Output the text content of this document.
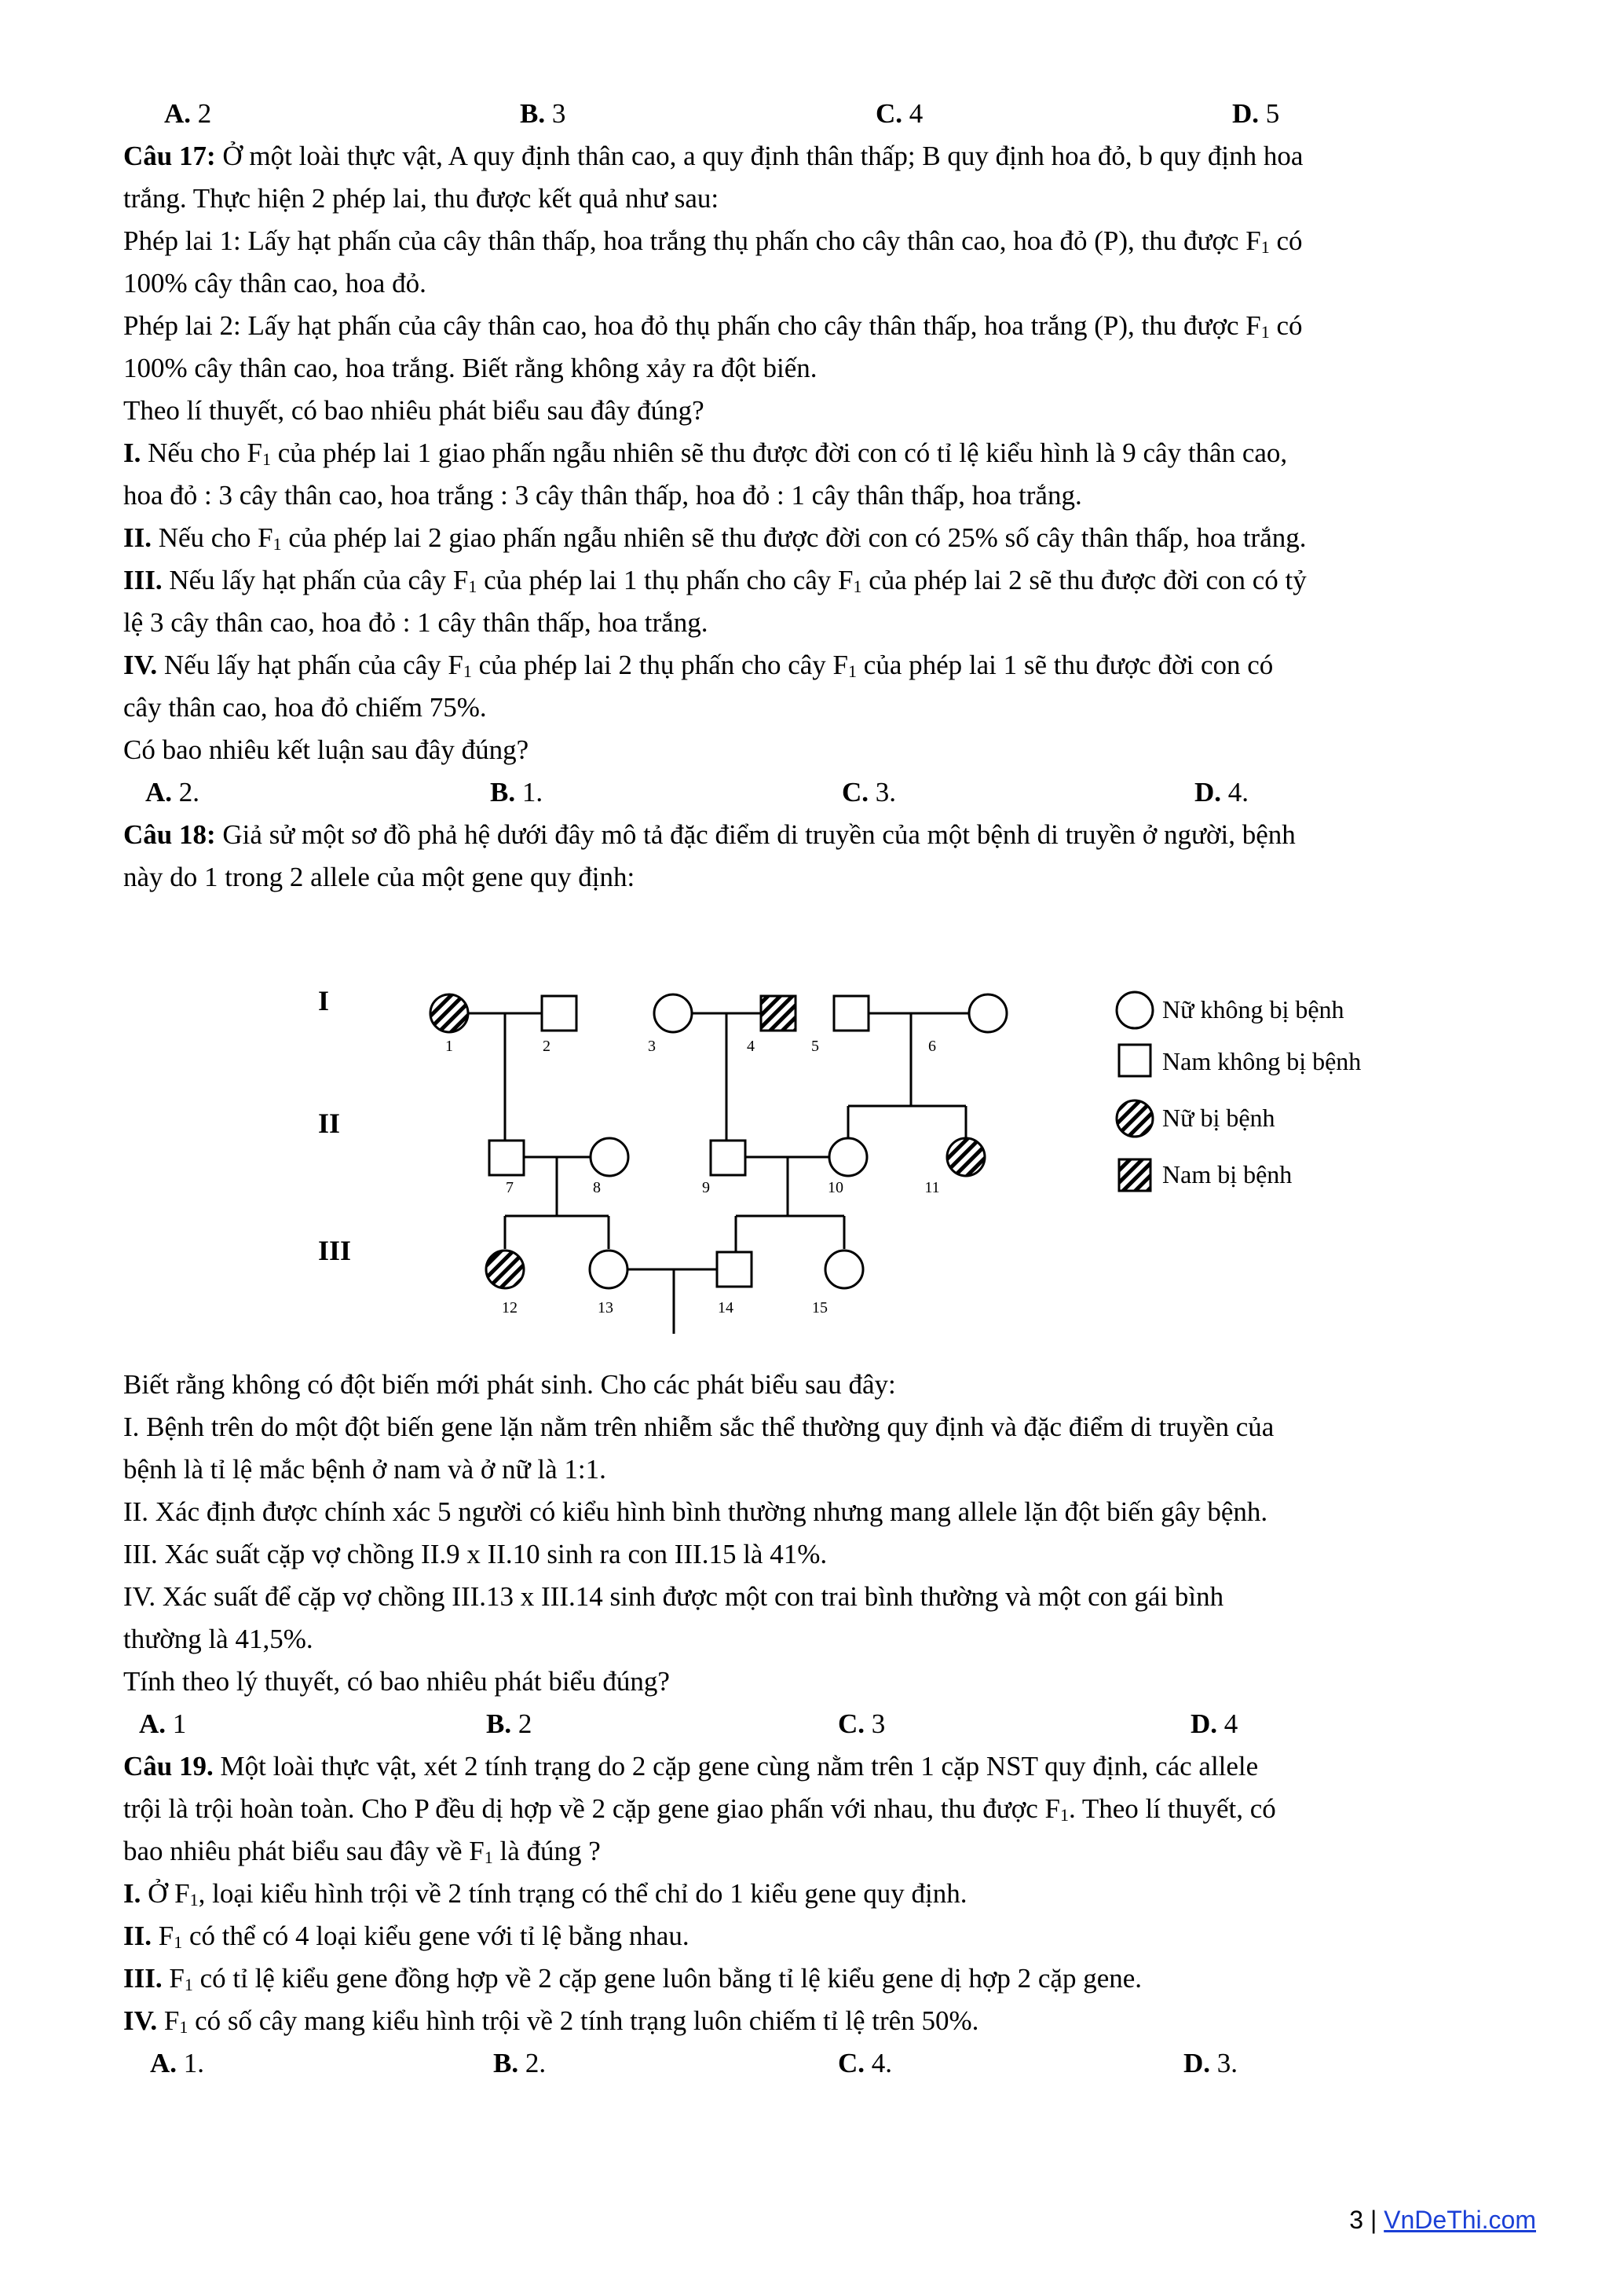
A. 2	B. 3	C. 4	D. 5
Câu 17: Ở một loài thực vật, A quy định thân cao, a quy định thân thấp; B quy định hoa đỏ, b quy định hoa
trắng. Thực hiện 2 phép lai, thu được kết quả như sau:
Phép lai 1: Lấy hạt phấn của cây thân thấp, hoa trắng thụ phấn cho cây thân cao, hoa đỏ (P), thu được $F_1$ có
100% cây thân cao, hoa đỏ.
Phép lai 2: Lấy hạt phấn của cây thân cao, hoa đỏ thụ phấn cho cây thân thấp, hoa trắng (P), thu được $F_1$ có
100% cây thân cao, hoa trắng. Biết rằng không xảy ra đột biến.
Theo lí thuyết, có bao nhiêu phát biểu sau đây đúng?
I. Nếu cho $F_1$ của phép lai 1 giao phấn ngẫu nhiên sẽ thu được đời con có tỉ lệ kiểu hình là 9 cây thân cao,
hoa đỏ : 3 cây thân cao, hoa trắng : 3 cây thân thấp, hoa đỏ : 1 cây thân thấp, hoa trắng.
II. Nếu cho $F_1$ của phép lai 2 giao phấn ngẫu nhiên sẽ thu được đời con có 25% số cây thân thấp, hoa trắng.
III. Nếu lấy hạt phấn của cây $F_1$ của phép lai 1 thụ phấn cho cây $F_1$ của phép lai 2 sẽ thu được đời con có tỷ
lệ 3 cây thân cao, hoa đỏ : 1 cây thân thấp, hoa trắng.
IV. Nếu lấy hạt phấn của cây $F_1$ của phép lai 2 thụ phấn cho cây $F_1$ của phép lai 1 sẽ thu được đời con có
cây thân cao, hoa đỏ chiếm 75%.
Có bao nhiêu kết luận sau đây đúng?
A. 2.	B. 1.	C. 3.	D. 4.
Câu 18: Giả sử một sơ đồ phả hệ dưới đây mô tả đặc điểm di truyền của một bệnh di truyền ở người, bệnh
này do 1 trong 2 allele của một gene quy định:
I
II
III
1	2	3	4	5	6
7	8	9	10	11
12	13	14	15
Nữ không bị bệnh
Nam không bị bệnh
Nữ bị bệnh
Nam bị bệnh
Biết rằng không có đột biến mới phát sinh. Cho các phát biểu sau đây:
I. Bệnh trên do một đột biến gene lặn nằm trên nhiễm sắc thể thường quy định và đặc điểm di truyền của
bệnh là tỉ lệ mắc bệnh ở nam và ở nữ là 1:1.
II. Xác định được chính xác 5 người có kiểu hình bình thường nhưng mang allele lặn đột biến gây bệnh.
III. Xác suất cặp vợ chồng II.9 x II.10 sinh ra con III.15 là 41%.
IV. Xác suất để cặp vợ chồng III.13 x III.14 sinh được một con trai bình thường và một con gái bình
thường là 41,5%.
Tính theo lý thuyết, có bao nhiêu phát biểu đúng?
A. 1	B. 2	C. 3	D. 4
Câu 19. Một loài thực vật, xét 2 tính trạng do 2 cặp gene cùng nằm trên 1 cặp NST quy định, các allele
trội là trội hoàn toàn. Cho P đều dị hợp về 2 cặp gene giao phấn với nhau, thu được $F_1$. Theo lí thuyết, có
bao nhiêu phát biểu sau đây về $F_1$ là đúng ?
I. Ở $F_1$, loại kiểu hình trội về 2 tính trạng có thể chỉ do 1 kiểu gene quy định.
II. $F_1$ có thể có 4 loại kiểu gene với tỉ lệ bằng nhau.
III. $F_1$ có tỉ lệ kiểu gene đồng hợp về 2 cặp gene luôn bằng tỉ lệ kiểu gene dị hợp 2 cặp gene.
IV. $F_1$ có số cây mang kiểu hình trội về 2 tính trạng luôn chiếm tỉ lệ trên 50%.
A. 1.	B. 2.	C. 4.	D. 3.
3 | VnDeThi.com
